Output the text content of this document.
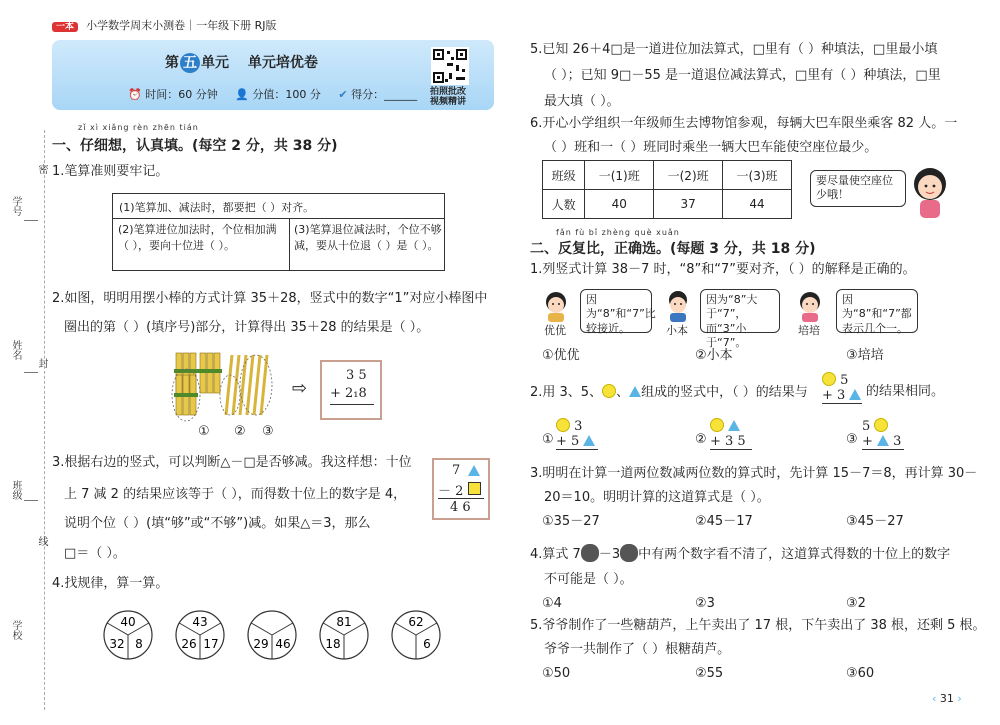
一本 小学数学周末小测卷｜一年级下册 RJ版
第 五 单元 单元培优卷
⏰ 时间：60 分钟 👤 分值：100 分 ✔ 得分：______ 拍照批改
视频精讲
学号
姓名
班级
学校
密
封
线
zǐ xì xiǎng rèn zhēn tián
一、仔细想，认真填。(每空 2 分，共 38 分)
1.笔算准则要牢记。
(1)笔算加、减法时，都要把（ ）对齐。
(2)笔算进位加法时，个位相加满（ ），要向十位进（ ）。
(3)笔算退位减法时，个位不够减，要从十位退（ ）是（ ）。
2.如图，明明用摆小棒的方式计算 35＋28，竖式中的数字“1”对应小棒图中
圈出的第（ ）(填序号)部分，计算得出 35＋28 的结果是（ ）。
① ② ③
⇨
3 5
+ 2₁8
3.根据右边的竖式，可以判断△－□是否够减。我这样想：十位
上 7 减 2 的结果应该等于（ ），而得数十位上的数字是 4，
说明个位（ ）(填“够”或“不够”)减。如果△＝3，那么
□＝（ ）。
7
－ 2
4 6
4.找规律，算一算。
40
32 8
43
26 17	29 46
81
18
62
6
5.已知 26＋4□是一道进位加法算式，□里有（ ）种填法，□里最小填
（ ）；已知 9□－55 是一道退位减法算式，□里有（ ）种填法，□里
最大填（ ）。
6.开心小学组织一年级师生去博物馆参观，每辆大巴车限坐乘客 82 人。一
（ ）班和一（ ）班同时乘坐一辆大巴车能使空座位最少。
班级	一(1)班	一(2)班	一(3)班
人数	40	37	44
要尽量使空座位少哦！
fǎn fù bǐ zhèng què xuǎn
二、反复比，正确选。(每题 3 分，共 18 分)
1.列竖式计算 38－7 时，“8”和“7”要对齐，（ ）的解释是正确的。
优优
因为“8”和“7”比较接近。	小本
因为“8”大于“7”，而“3”小于“7”。
培培
因为“8”和“7”都表示几个一。
①优优	②小本	③培培
2.用 3、5、 、 组成的竖式中，（ ）的结果与
5
+ 3	的结果相同。
①
3
+ 5	②
+ 3 5	③
5
+  3
3.明明在计算一道两位数减两位数的算式时，先计算 15－7＝8，再计算 30－
20＝10。明明计算的这道算式是（ ）。
①35－27	②45－17	③45－27
4.算式 7 －3 中有两个数字看不清了，这道算式得数的十位上的数字
不可能是（ ）。
①4	②3	③2
5.爷爷制作了一些糖葫芦，上午卖出了 17 根，下午卖出了 38 根，还剩 5 根。
爷爷一共制作了（ ）根糖葫芦。
①50	②55	③60
‹ 31 ›
